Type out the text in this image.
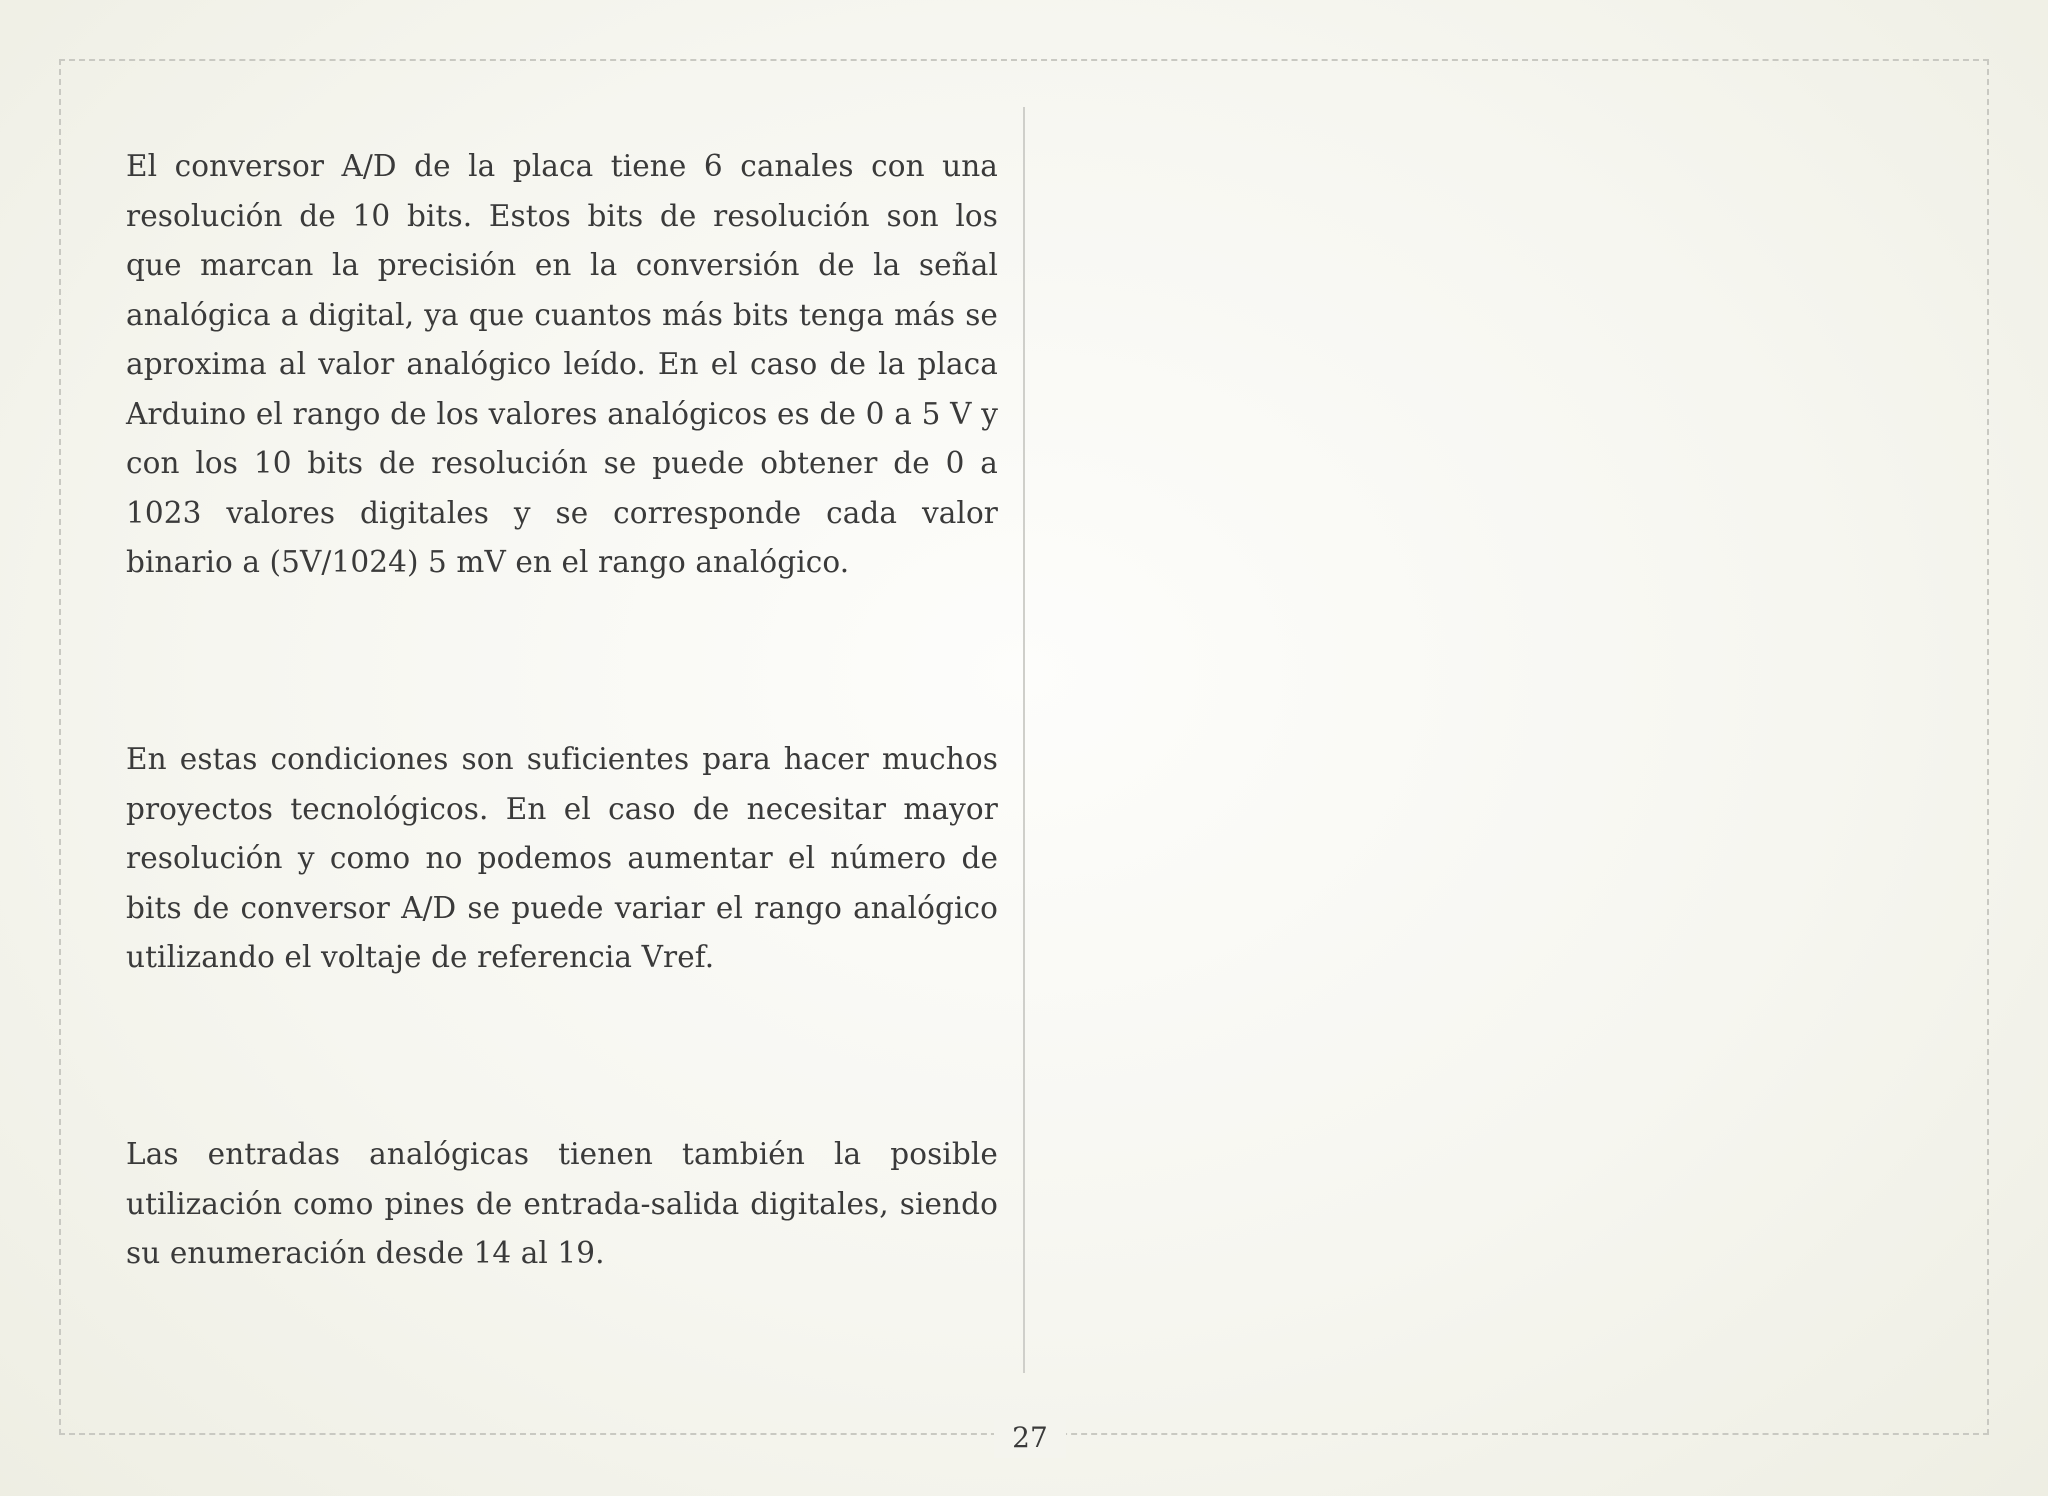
El conversor A/D de la placa tiene 6 canales con una resolución de 10 bits. Estos bits de resolución son los que marcan la precisión en la conversión de la señal analógica a digital, ya que cuantos más bits tenga más se aproxima al valor analógico leído. En el caso de la placa Arduino el rango de los valores analógicos es de 0 a 5 V y con los 10 bits de resolución se puede obtener de 0 a 1023 valores digitales y se corresponde cada valor binario a (5V/1024) 5 mV en el rango analógico.

En estas condiciones son suficientes para hacer muchos proyectos tecnológicos. En el caso de necesitar mayor resolución y como no podemos aumentar el número de bits de conversor A/D se puede variar el rango analógico utilizando el voltaje de referencia Vref.

Las entradas analógicas tienen también la posible utilización como pines de entrada-salida digitales, siendo su enumeración desde 14 al 19.

27
